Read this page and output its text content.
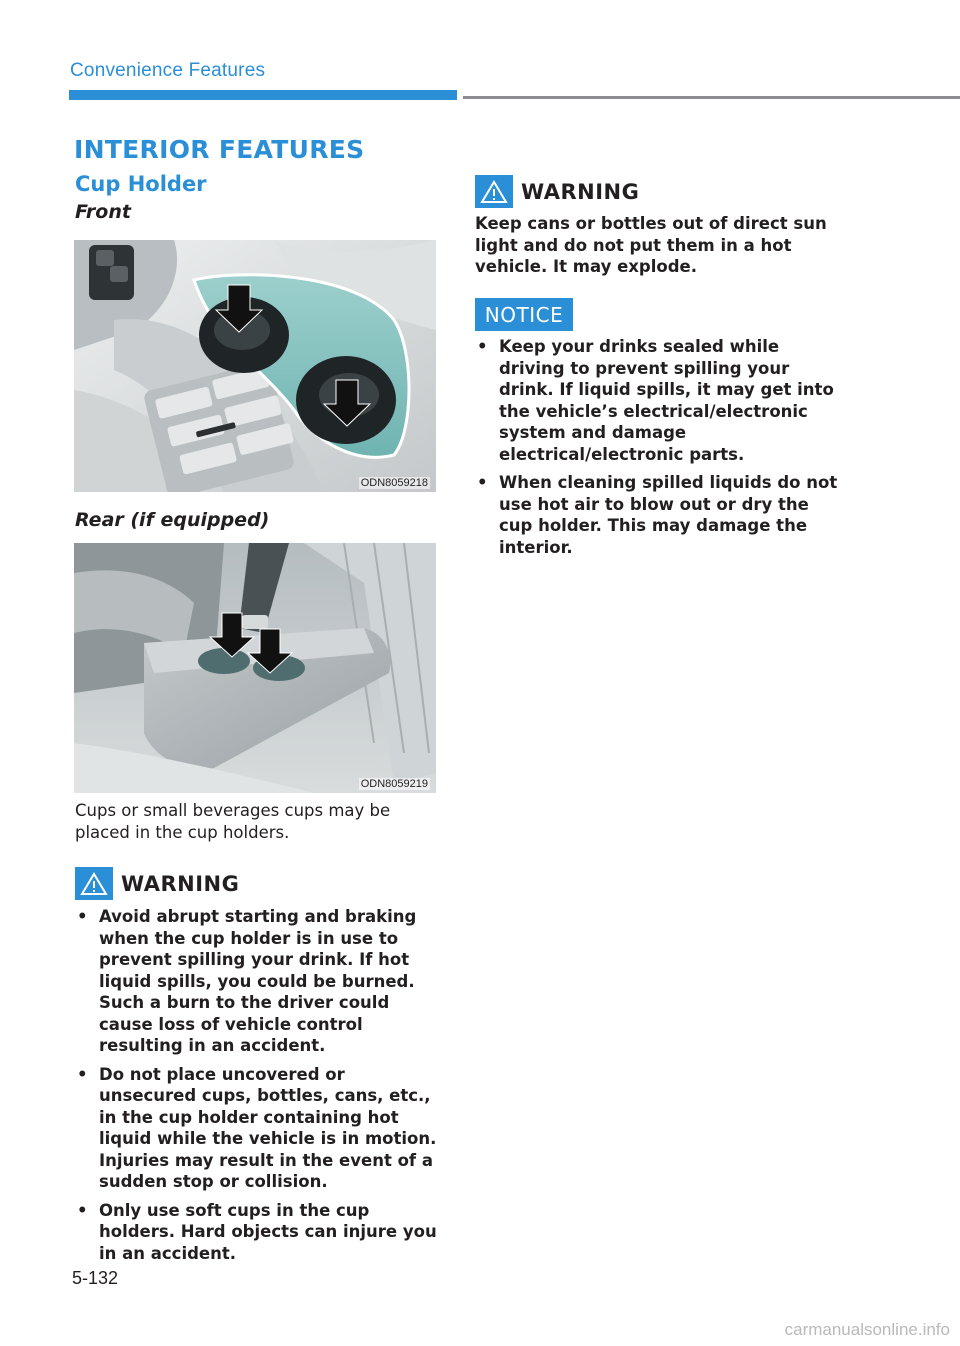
Convenience Features
INTERIOR FEATURES
Cup Holder
Front
ODN8059218
Rear (if equipped)
ODN8059219
Cups or small beverages cups may be placed in the cup holders.
WARNING
• Avoid abrupt starting and braking when the cup holder is in use to prevent spilling your drink. If hot liquid spills, you could be burned. Such a burn to the driver could cause loss of vehicle control resulting in an accident.
• Do not place uncovered or unsecured cups, bottles, cans, etc., in the cup holder containing hot liquid while the vehicle is in motion. Injuries may result in the event of a sudden stop or collision.
• Only use soft cups in the cup holders. Hard objects can injure you in an accident.
WARNING
Keep cans or bottles out of direct sun light and do not put them in a hot vehicle. It may explode.
NOTICE
• Keep your drinks sealed while driving to prevent spilling your drink. If liquid spills, it may get into the vehicle’s electrical/electronic system and damage electrical/electronic parts.
• When cleaning spilled liquids do not use hot air to blow out or dry the cup holder. This may damage the interior.
5-132
carmanualsonline.info
